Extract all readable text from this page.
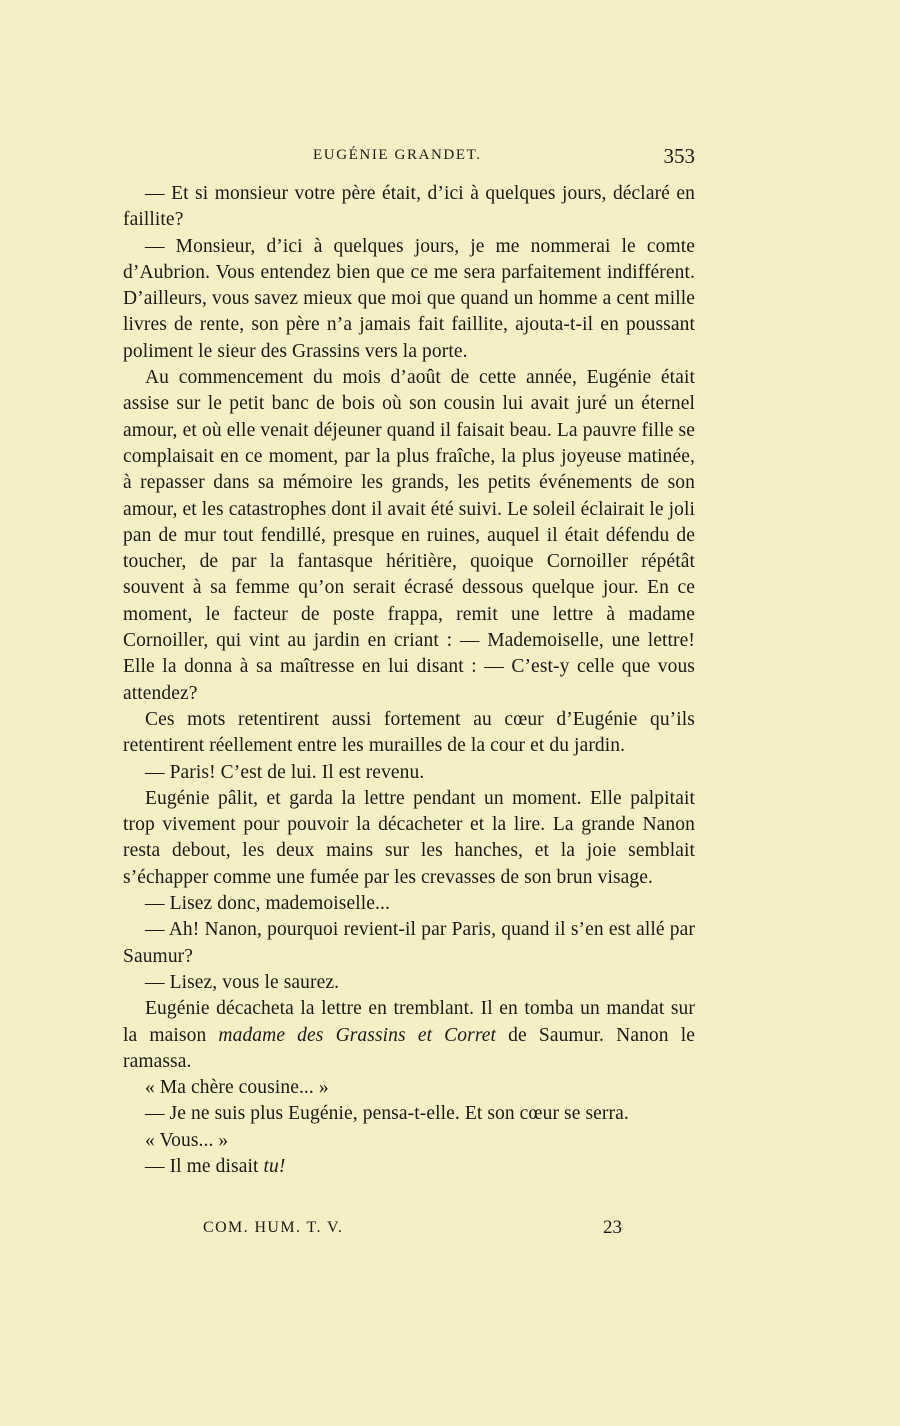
EUGÉNIE GRANDET.	353

— Et si monsieur votre père était, d’ici à quelques jours, déclaré en faillite?

— Monsieur, d’ici à quelques jours, je me nommerai le comte d’Aubrion. Vous entendez bien que ce me sera parfaitement indifférent. D’ailleurs, vous savez mieux que moi que quand un homme a cent mille livres de rente, son père n’a jamais fait faillite, ajouta-t-il en poussant poliment le sieur des Grassins vers la porte.

Au commencement du mois d’août de cette année, Eugénie était assise sur le petit banc de bois où son cousin lui avait juré un éternel amour, et où elle venait déjeuner quand il faisait beau. La pauvre fille se complaisait en ce moment, par la plus fraîche, la plus joyeuse matinée, à repasser dans sa mémoire les grands, les petits événements de son amour, et les catastrophes dont il avait été suivi. Le soleil éclairait le joli pan de mur tout fendillé, presque en ruines, auquel il était défendu de toucher, de par la fantasque héritière, quoique Cornoiller répétât souvent à sa femme qu’on serait écrasé dessous quelque jour. En ce moment, le facteur de poste frappa, remit une lettre à madame Cornoiller, qui vint au jardin en criant : — Mademoiselle, une lettre! Elle la donna à sa maîtresse en lui disant : — C’est-y celle que vous attendez?

Ces mots retentirent aussi fortement au cœur d’Eugénie qu’ils retentirent réellement entre les murailles de la cour et du jardin.

— Paris! C’est de lui. Il est revenu.

Eugénie pâlit, et garda la lettre pendant un moment. Elle palpitait trop vivement pour pouvoir la décacheter et la lire. La grande Nanon resta debout, les deux mains sur les hanches, et la joie semblait s’échapper comme une fumée par les crevasses de son brun visage.

— Lisez donc, mademoiselle...

— Ah! Nanon, pourquoi revient-il par Paris, quand il s’en est allé par Saumur?

— Lisez, vous le saurez.

Eugénie décacheta la lettre en tremblant. Il en tomba un mandat sur la maison madame des Grassins et Corret de Saumur. Nanon le ramassa.

« Ma chère cousine... »

— Je ne suis plus Eugénie, pensa-t-elle. Et son cœur se serra.

« Vous... »

— Il me disait tu!

COM. HUM. T. V.	23
